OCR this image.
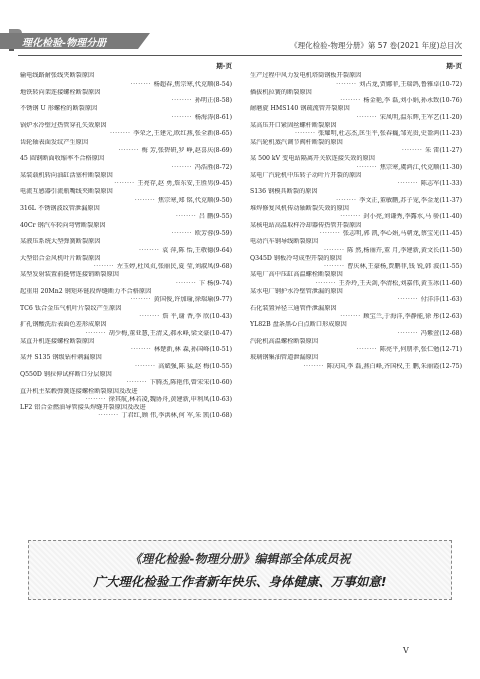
理化检验-物理分册	《理化检验-物理分册》第 57 卷(2021 年度)总目次
期-页
输电线路耐张线夹断裂原因
········ 杨超春,焦宗寒,代克顺(8-54)
地铁转向架连接螺栓断裂原因
········ 孙明正(8-58)
不锈钢 U 形螺栓的断裂原因
········ 杨海涛(8-61)
锅炉水冷壁过热管穿孔失效原因
········ 李荣之,王建元,欧红燕,张全新(8-65)
齿轮轴表面发纹产生原因
········ 梅 芳,张碧研,罗 峥,赵喜庆(8-69)
45 圆钢断面收缩率不合格原因
········ 冯浩胜(8-72)
某装载机转向油缸活塞杆断裂原因
········ 王亮存,赵 勇,詹东安,王胜男(9-45)
电流互感器引流瓶嘴线夹断裂原因
········ 焦宗寒,郑 铭,代克顺(9-50)
316L 不锈钢波纹管泄漏原因
········ 吕 鹏(9-55)
40Cr 钢汽车转向弯臂断裂原因
········ 欧芳蓉(9-59)
某液压系统大型弹簧断裂原因
········ 袁 萍,陈 怡,王敬德(9-64)
大型铝合金风机叶片断裂原因
········ 左玉婷,杜凤贞,张丽民,夏 莹,刘淑凤(9-68)
某型发射装置前挺臂连接销断裂原因
········ 卞 杨(9-74)
起重用 20Mn2 钢矩环链段焊缝断力不合格原因
········ 黄国俊,许加瑜,徐瑞瑜(9-77)
TC6 钛合金压气机叶片裂纹产生原因
········ 詹 平,谢 香,李 欣(10-43)
扩孔钢酸洗后表面色差形成原因
········ 胡少梅,董亚慧,王清义,郝永峰,梁文豪(10-47)
某直升机连接螺栓断裂原因
········ 林楚新,林 森,孙国峰(10-51)
某井 S135 钢级钻杆刺漏原因
········ 高斌强,陈 猛,赵 梅(10-55)
Q550D 钢拉伸试样断口分层原因
········ 卞腾杰,陈艳伟,曾宋宋(10-60)
直升机主桨毂弹簧连接螺栓断裂原因及改进
········ 徐其航,林若凌,魏协舟,黄建新,申利凤(10-63)
LF2 铝合金燃油导管接头焊缝开裂原因及改进
········ 丁君红,顾 伟,李洪林,何 军,朱 凯(10-68)
期-页
生产过程中风力发电机塔筒钢板开裂原因
········ 刘占龙,贾娜菲,王瑞鸽,鲁雅卓(10-72)
插拔机拉簧的断裂原因
········ 杨金艳,李 磊,刘小娟,孙永致(10-76)
耐磨旋 HMS140 钢疏流管开裂原因
········ 宋凤明,温东辉,王军艺(11-20)
某高压开口紧固丝螺杆断裂原因
········ 张耀明,杜志杰,匡生平,张春巍,邹光贵,史盈鸿(11-23)
某汽轮机蒸汽调节阀杆断裂的原因
········ 朱 雷(11-27)
某 500 kV 变电站隔离开关软连接失效的原因
········ 焦宗寒,虞鸿江,代克顺(11-30)
某电厂汽轮机中压转子动叶片开裂的原因
········ 陈志军(11-33)
S136 钢模具断裂的原因
········ 李文正,董敏鹏,苏子宠,李金龙(11-37)
堆焊修复风机传动轴断裂失效的原因
········ 封小亮,刘谦秀,李露水,马 骄(11-40)
某核电站高温取样冷却器传热管开裂原因
········ 张志明,郭 凯,李心娟,马朝龙,蔡宝光(11-45)
电动汽车钢导线断裂原因
········ 陈 然,杨丽卉,董 月,李建新,黄文长(11-50)
Q345D 钢板冷弯成型开裂的原因
········ 曹庆林,王豪杨,贾鹏菲,钱 锐,韩 波(11-55)
某电厂高中压缸高温螺栓断裂原因
········ 王乔玲,王天剑,李清松,刘嘉伟,黄玉冰(11-60)
某水电厂钢护水冷壁管泄漏的原因
········ 付洋洋(11-63)
石化装置异径三通管件泄漏原因
········ 顾宝兰,于海洋,李静能,徐 彤(12-63)
YL82B 盘条黑心白点断口形成原因
········ 冯紫萱(12-68)
汽轮机高温螺栓断裂原因
········ 陈亮平,何朋孝,张仁勉(12-71)
玻璃钢集油管道泄漏原因
········ 陈庆国,李 磊,燕白峰,齐国权,王 鹏,朱丽霞(12-75)
《理化检验-物理分册》编辑部全体成员祝
广大理化检验工作者新年快乐、身体健康、万事如意!
V
